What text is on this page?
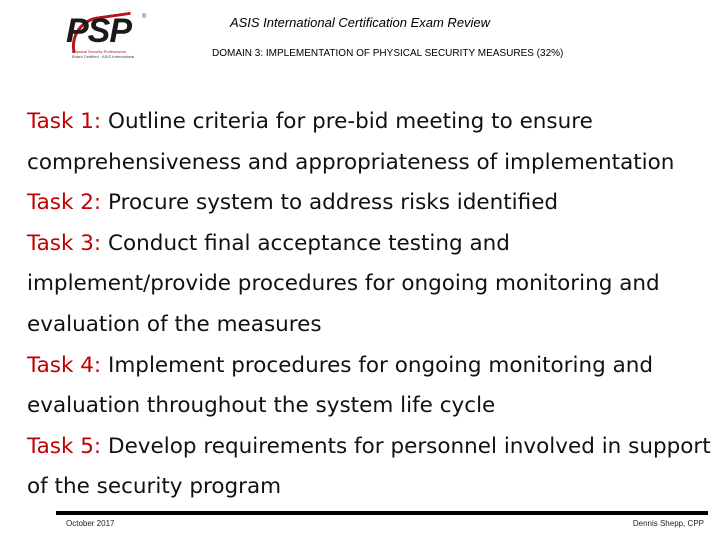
PSP ®
Physical Security Professional
Board Certified · ASIS International
ASIS International Certification Exam Review
DOMAIN 3: IMPLEMENTATION OF PHYSICAL SECURITY MEASURES (32%)

Task 1: Outline criteria for pre-bid meeting to ensure comprehensiveness and appropriateness of implementation

Task 2: Procure system to address risks identified

Task 3: Conduct final acceptance testing and implement/provide procedures for ongoing monitoring and evaluation of the measures

Task 4: Implement procedures for ongoing monitoring and evaluation throughout the system life cycle

Task 5: Develop requirements for personnel involved in support of the security program

October 2017	Dennis Shepp, CPP
